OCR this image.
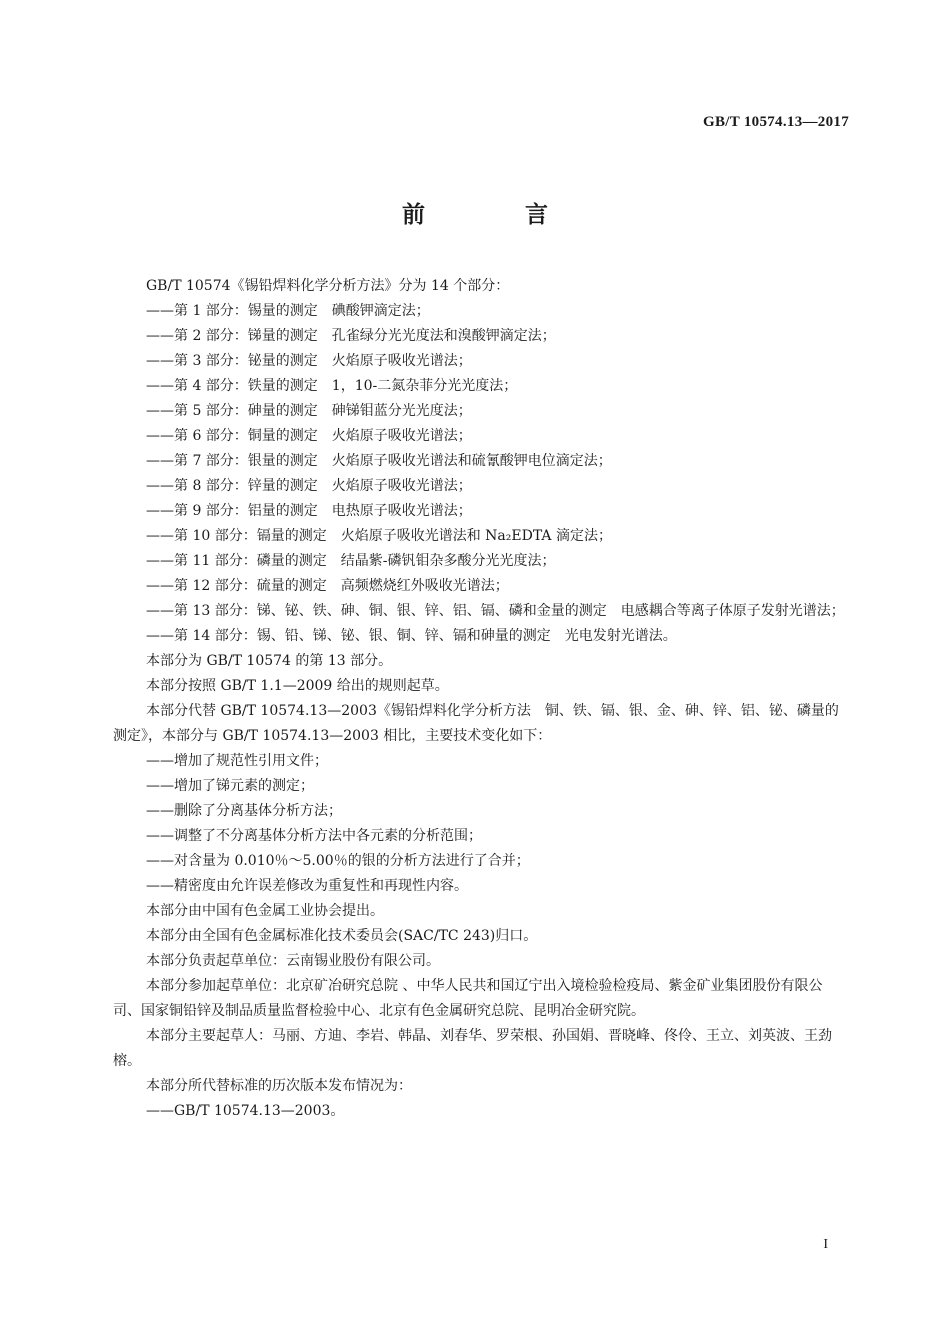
GB/T 10574.13—2017
前 言

GB/T 10574《锡铅焊料化学分析方法》分为 14 个部分：

——第 1 部分：锡量的测定　碘酸钾滴定法；

——第 2 部分：锑量的测定　孔雀绿分光光度法和溴酸钾滴定法；

——第 3 部分：铋量的测定　火焰原子吸收光谱法；

——第 4 部分：铁量的测定　1，10-二氮杂菲分光光度法；

——第 5 部分：砷量的测定　砷锑钼蓝分光光度法；

——第 6 部分：铜量的测定　火焰原子吸收光谱法；

——第 7 部分：银量的测定　火焰原子吸收光谱法和硫氰酸钾电位滴定法；

——第 8 部分：锌量的测定　火焰原子吸收光谱法；

——第 9 部分：铝量的测定　电热原子吸收光谱法；

——第 10 部分：镉量的测定　火焰原子吸收光谱法和 Na₂EDTA 滴定法；

——第 11 部分：磷量的测定　结晶紫-磷钒钼杂多酸分光光度法；

——第 12 部分：硫量的测定　高频燃烧红外吸收光谱法；

——第 13 部分：锑、铋、铁、砷、铜、银、锌、铝、镉、磷和金量的测定　电感耦合等离子体原子发射光谱法；

——第 14 部分：锡、铅、锑、铋、银、铜、锌、镉和砷量的测定　光电发射光谱法。

本部分为 GB/T 10574 的第 13 部分。

本部分按照 GB/T 1.1—2009 给出的规则起草。

本部分代替 GB/T 10574.13—2003《锡铅焊料化学分析方法　铜、铁、镉、银、金、砷、锌、铝、铋、磷量的测定》，本部分与 GB/T 10574.13—2003 相比，主要技术变化如下：

——增加了规范性引用文件；

——增加了锑元素的测定；

——删除了分离基体分析方法；

——调整了不分离基体分析方法中各元素的分析范围；

——对含量为 0.010％～5.00％的银的分析方法进行了合并；

——精密度由允许误差修改为重复性和再现性内容。

本部分由中国有色金属工业协会提出。

本部分由全国有色金属标准化技术委员会(SAC/TC 243)归口。

本部分负责起草单位：云南锡业股份有限公司。

本部分参加起草单位：北京矿冶研究总院 、中华人民共和国辽宁出入境检验检疫局、紫金矿业集团股份有限公司、国家铜铅锌及制品质量监督检验中心、北京有色金属研究总院、昆明冶金研究院。

本部分主要起草人：马丽、方迪、李岩、韩晶、刘春华、罗荣根、孙国娟、晋晓峰、佟伶、王立、刘英波、王劲榕。

本部分所代替标准的历次版本发布情况为：

——GB/T 10574.13—2003。

I
